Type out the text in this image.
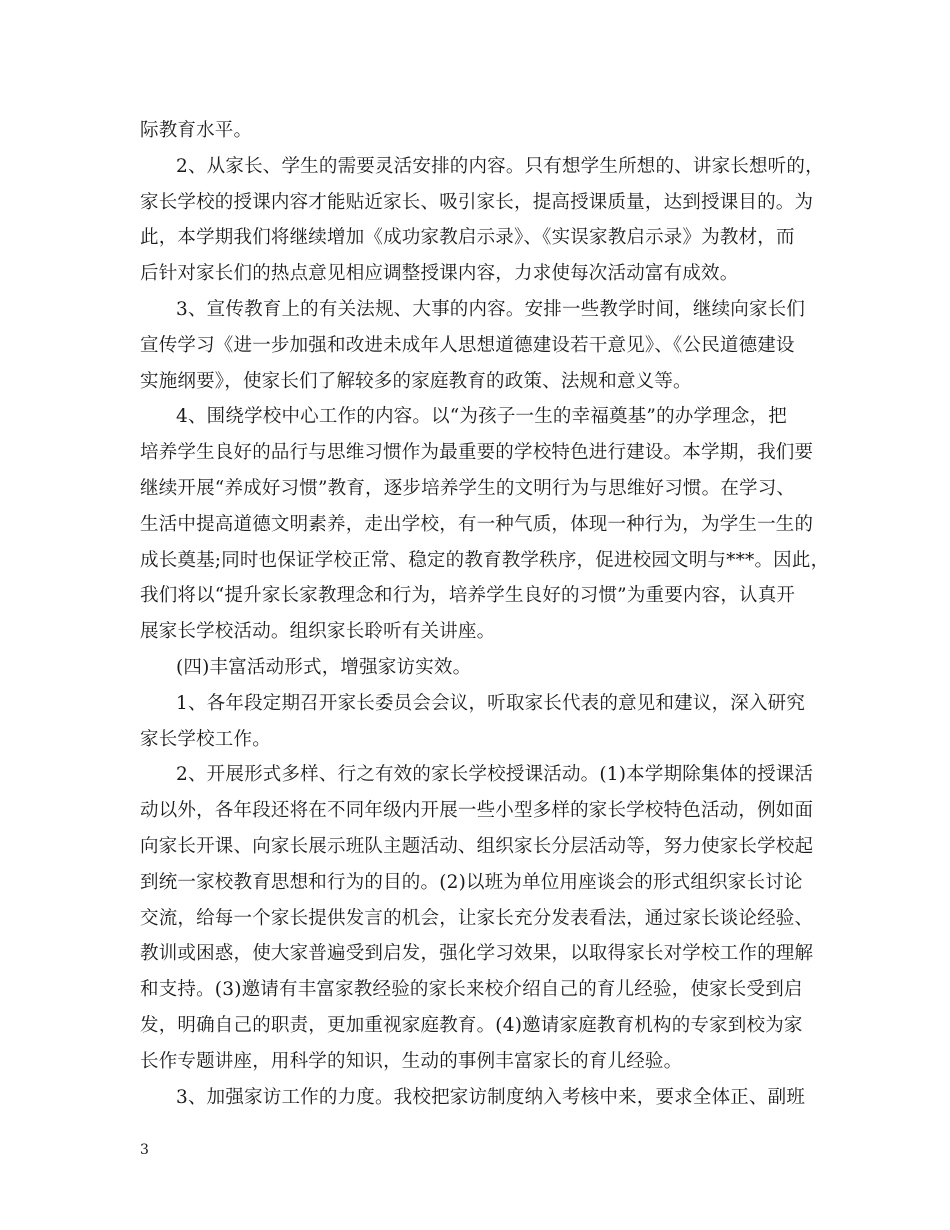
际教育水平。
2、从家长、学生的需要灵活安排的内容。只有想学生所想的、讲家长想听的，
家长学校的授课内容才能贴近家长、吸引家长，提高授课质量，达到授课目的。为
此，本学期我们将继续增加《成功家教启示录》、《实误家教启示录》为教材，而
后针对家长们的热点意见相应调整授课内容，力求使每次活动富有成效。
3、宣传教育上的有关法规、大事的内容。安排一些教学时间，继续向家长们
宣传学习《进一步加强和改进未成年人思想道德建设若干意见》、《公民道德建设
实施纲要》，使家长们了解较多的家庭教育的政策、法规和意义等。
4、围绕学校中心工作的内容。以“为孩子一生的幸福奠基”的办学理念，把
培养学生良好的品行与思维习惯作为最重要的学校特色进行建设。本学期，我们要
继续开展“养成好习惯”教育，逐步培养学生的文明行为与思维好习惯。在学习、
生活中提高道德文明素养，走出学校，有一种气质，体现一种行为，为学生一生的
成长奠基;同时也保证学校正常、稳定的教育教学秩序，促进校园文明与***。因此，
我们将以“提升家长家教理念和行为，培养学生良好的习惯”为重要内容，认真开
展家长学校活动。组织家长聆听有关讲座。
(四)丰富活动形式，增强家访实效。
1、各年段定期召开家长委员会会议，听取家长代表的意见和建议，深入研究
家长学校工作。
2、开展形式多样、行之有效的家长学校授课活动。(1)本学期除集体的授课活
动以外，各年段还将在不同年级内开展一些小型多样的家长学校特色活动，例如面
向家长开课、向家长展示班队主题活动、组织家长分层活动等，努力使家长学校起
到统一家校教育思想和行为的目的。(2)以班为单位用座谈会的形式组织家长讨论
交流，给每一个家长提供发言的机会，让家长充分发表看法，通过家长谈论经验、
教训或困惑，使大家普遍受到启发，强化学习效果，以取得家长对学校工作的理解
和支持。(3)邀请有丰富家教经验的家长来校介绍自己的育儿经验，使家长受到启
发，明确自己的职责，更加重视家庭教育。(4)邀请家庭教育机构的专家到校为家
长作专题讲座，用科学的知识，生动的事例丰富家长的育儿经验。
3、加强家访工作的力度。我校把家访制度纳入考核中来，要求全体正、副班
3
